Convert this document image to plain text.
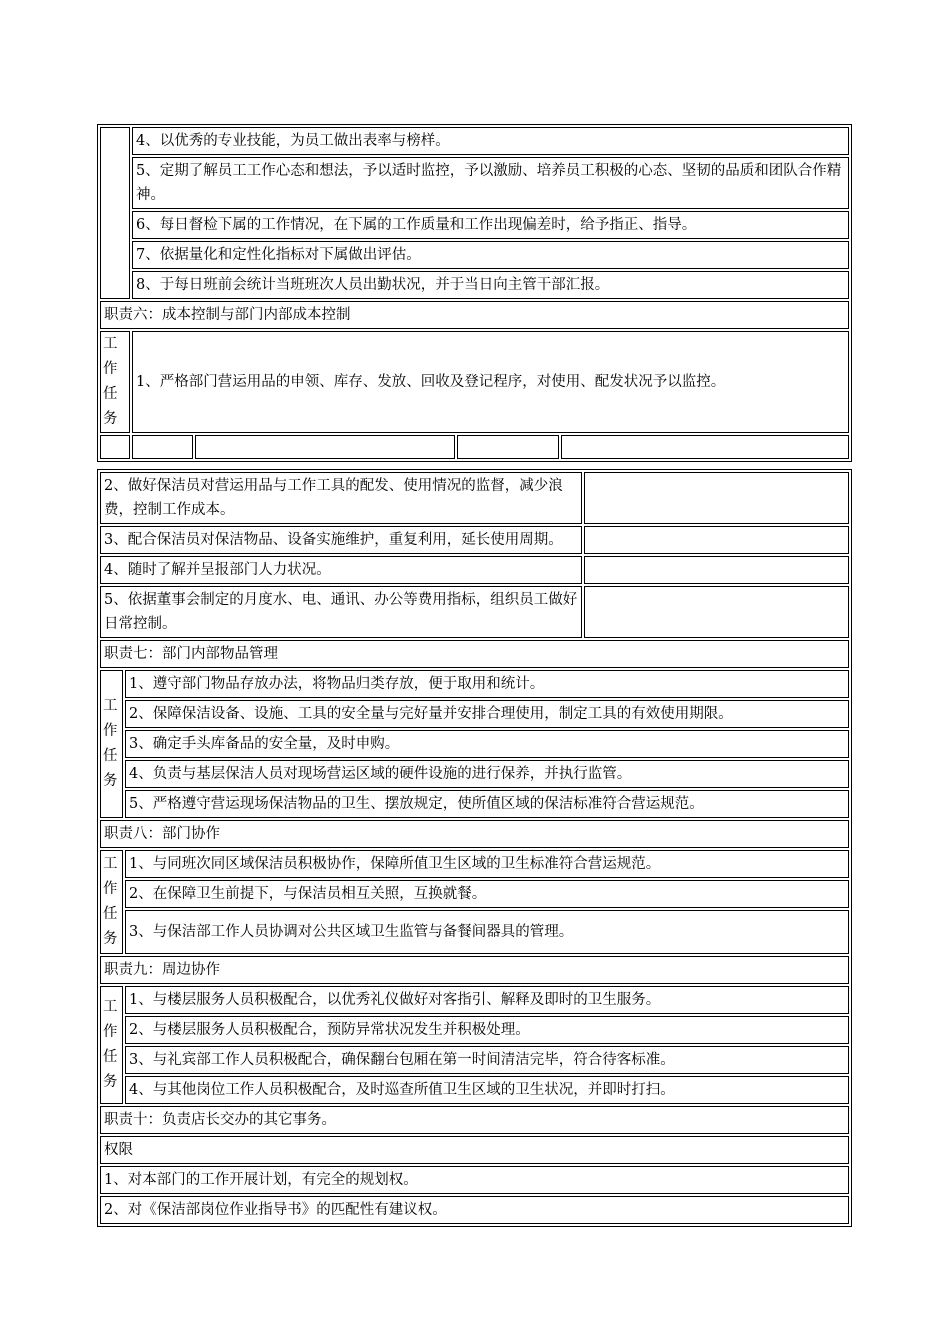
	4、以优秀的专业技能，为员工做出表率与榜样。			
	5、定期了解员工工作心态和想法，予以适时监控，予以激励、培养员工积极的心态、坚韧的品质和团队合作精神。			
	6、每日督检下属的工作情况，在下属的工作质量和工作出现偏差时，给予指正、指导。			
	7、依据量化和定性化指标对下属做出评估。			
	8、于每日班前会统计当班班次人员出勤状况，并于当日向主管干部汇报。			
职责六：成本控制与部门内部成本控制				

工
作
任
务	1、严格部门营运用品的申领、库存、发放、回收及登记程序，对使用、配发状况予以监控。			

2、做好保洁员对营运用品与工作工具的配发、使用情况的监督，减少浪费，控制工作成本。		
3、配合保洁员对保洁物品、设备实施维护，重复利用，延长使用周期。		
4、随时了解并呈报部门人力状况。		
5、依据董事会制定的月度水、电、通讯、办公等费用指标，组织员工做好日常控制。		
职责七：部门内部物品管理		

工
作
任
务	1、遵守部门物品存放办法，将物品归类存放，便于取用和统计。	
	2、保障保洁设备、设施、工具的安全量与完好量并安排合理使用，制定工具的有效使用期限。	
	3、确定手头库备品的安全量，及时申购。	
	4、负责与基层保洁人员对现场营运区域的硬件设施的进行保养，并执行监管。	
	5、严格遵守营运现场保洁物品的卫生、摆放规定，使所值区域的保洁标准符合营运规范。	
职责八：部门协作		

工
作
任
务	1、与同班次同区域保洁员积极协作，保障所值卫生区域的卫生标准符合营运规范。	
	2、在保障卫生前提下，与保洁员相互关照，互换就餐。	
	3、与保洁部工作人员协调对公共区域卫生监管与备餐间器具的管理。	
职责九：周边协作		

工
作
任
务	1、与楼层服务人员积极配合，以优秀礼仪做好对客指引、解释及即时的卫生服务。	
	2、与楼层服务人员积极配合，预防异常状况发生并积极处理。	
	3、与礼宾部工作人员积极配合，确保翻台包厢在第一时间清洁完毕，符合待客标准。	
	4、与其他岗位工作人员积极配合，及时巡查所值卫生区域的卫生状况，并即时打扫。	
职责十：负责店长交办的其它事务。		
权限		
1、对本部门的工作开展计划，有完全的规划权。		
2、对《保洁部岗位作业指导书》的匹配性有建议权。		
